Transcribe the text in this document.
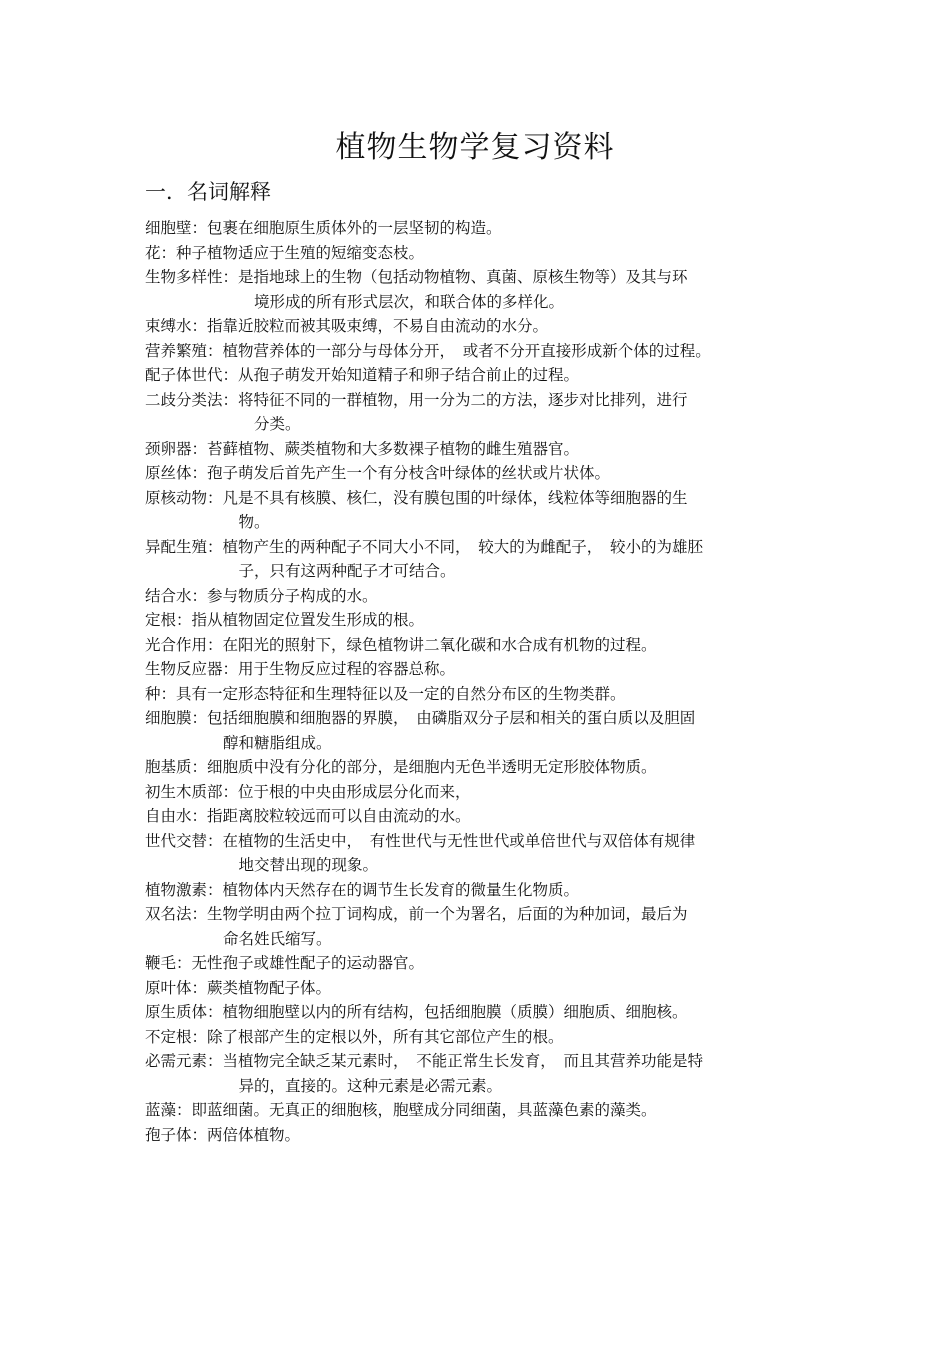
植物生物学复习资料
一．名词解释
细胞壁：包裹在细胞原生质体外的一层坚韧的构造。
花：种子植物适应于生殖的短缩变态枝。
生物多样性：是指地球上的生物（包括动物植物、真菌、原核生物等）及其与环
境形成的所有形式层次，和联合体的多样化。
束缚水：指靠近胶粒而被其吸束缚，不易自由流动的水分。
营养繁殖：植物营养体的一部分与母体分开，　或者不分开直接形成新个体的过程。
配子体世代：从孢子萌发开始知道精子和卵子结合前止的过程。
二歧分类法：将特征不同的一群植物，用一分为二的方法，逐步对比排列，进行
分类。
颈卵器：苔藓植物、蕨类植物和大多数裸子植物的雌生殖器官。
原丝体：孢子萌发后首先产生一个有分枝含叶绿体的丝状或片状体。
原核动物：凡是不具有核膜、核仁，没有膜包围的叶绿体，线粒体等细胞器的生
物。
异配生殖：植物产生的两种配子不同大小不同，　较大的为雌配子，　较小的为雄胚
子，只有这两种配子才可结合。
结合水：参与物质分子构成的水。
定根：指从植物固定位置发生形成的根。
光合作用：在阳光的照射下，绿色植物讲二氧化碳和水合成有机物的过程。
生物反应器：用于生物反应过程的容器总称。
种：具有一定形态特征和生理特征以及一定的自然分布区的生物类群。
细胞膜：包括细胞膜和细胞器的界膜，　由磷脂双分子层和相关的蛋白质以及胆固
醇和糖脂组成。
胞基质：细胞质中没有分化的部分，是细胞内无色半透明无定形胶体物质。
初生木质部：位于根的中央由形成层分化而来，
自由水：指距离胶粒较远而可以自由流动的水。
世代交替：在植物的生活史中，　有性世代与无性世代或单倍世代与双倍体有规律
地交替出现的现象。
植物激素：植物体内天然存在的调节生长发育的微量生化物质。
双名法：生物学明由两个拉丁词构成，前一个为署名，后面的为种加词，最后为
命名姓氏缩写。
鞭毛：无性孢子或雄性配子的运动器官。
原叶体：蕨类植物配子体。
原生质体：植物细胞壁以内的所有结构，包括细胞膜（质膜）细胞质、细胞核。
不定根：除了根部产生的定根以外，所有其它部位产生的根。
必需元素：当植物完全缺乏某元素时，　不能正常生长发育，　而且其营养功能是特
异的，直接的。这种元素是必需元素。
蓝藻：即蓝细菌。无真正的细胞核，胞壁成分同细菌，具蓝藻色素的藻类。
孢子体：两倍体植物。
